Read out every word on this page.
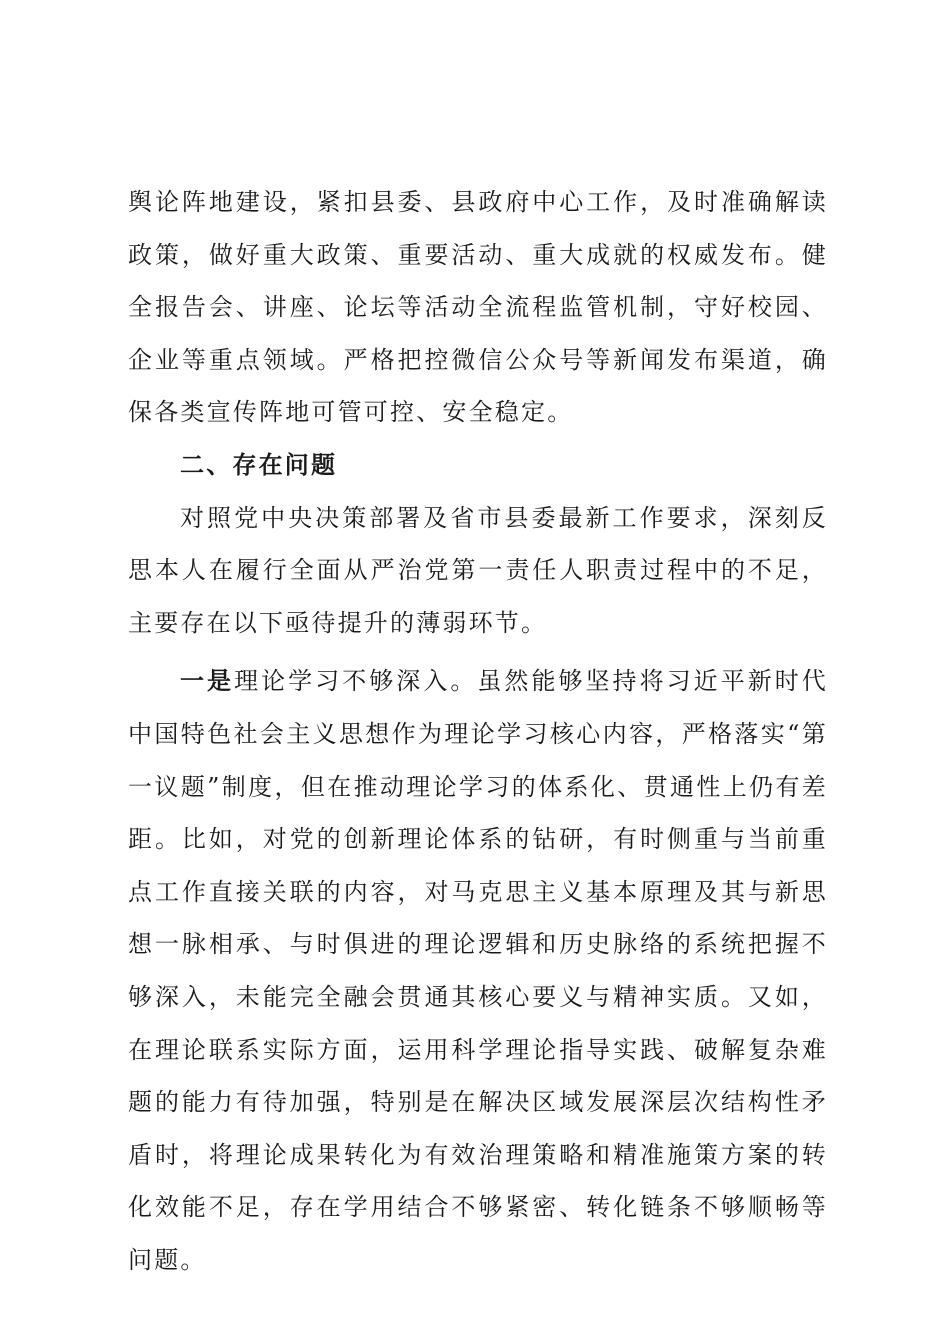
舆论阵地建设，紧扣县委、县政府中心工作，及时准确解读政策，做好重大政策、重要活动、重大成就的权威发布。健全报告会、讲座、论坛等活动全流程监管机制，守好校园、企业等重点领域。严格把控微信公众号等新闻发布渠道，确保各类宣传阵地可管可控、安全稳定。

二、存在问题

对照党中央决策部署及省市县委最新工作要求，深刻反思本人在履行全面从严治党第一责任人职责过程中的不足，主要存在以下亟待提升的薄弱环节。

一是理论学习不够深入。虽然能够坚持将习近平新时代中国特色社会主义思想作为理论学习核心内容，严格落实“第一议题”制度，但在推动理论学习的体系化、贯通性上仍有差距。比如，对党的创新理论体系的钻研，有时侧重与当前重点工作直接关联的内容，对马克思主义基本原理及其与新思想一脉相承、与时俱进的理论逻辑和历史脉络的系统把握不够深入，未能完全融会贯通其核心要义与精神实质。又如，在理论联系实际方面，运用科学理论指导实践、破解复杂难题的能力有待加强，特别是在解决区域发展深层次结构性矛盾时，将理论成果转化为有效治理策略和精准施策方案的转化效能不足，存在学用结合不够紧密、转化链条不够顺畅等问题。
